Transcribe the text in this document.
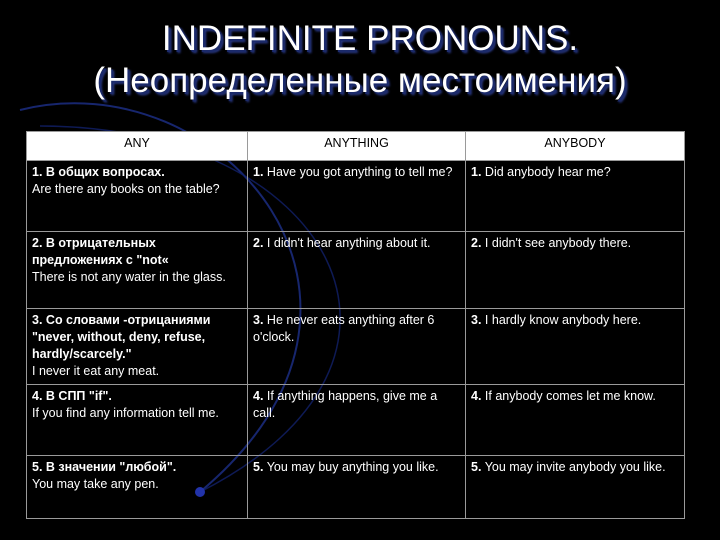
INDEFINITE PRONOUNS.
(Неопределенные местоимения)
ANY	ANYTHING	ANYBODY
1. В общих вопросах.
Are there any books on the table?	1. Have you got anything to tell me?	1. Did anybody hear me?
2. В отрицательных предложениях с "not«
There is not any water in the glass.	2. I didn't hear anything about it.	2. I didn't see anybody there.
3. Со словами -отрицаниями "never, without, deny, refuse, hardly/scarcely."
I never it eat any meat.	3. He never eats anything after 6 o'clock.	3. I hardly know anybody here.
4. В СПП "if".
If you find any information tell me.	4. If anything happens, give me a call.	4. If anybody comes let me know.
5. В значении "любой".
You may take any pen.	5. You may buy anything you like.	5. You may invite anybody you like.
